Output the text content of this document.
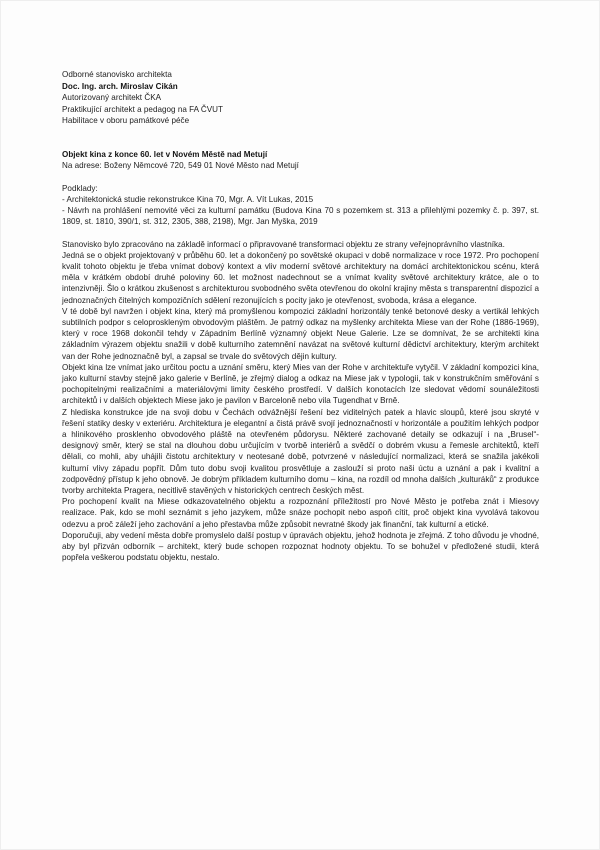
Odborné stanovisko architekta
Doc. Ing. arch. Miroslav Cikán
Autorizovaný architekt ČKA
Praktikující architekt a pedagog na FA ČVUT
Habilitace v oboru památkové péče
Objekt kina z konce 60. let v Novém Městě nad Metují
Na adrese: Boženy Němcové 720, 549 01 Nové Město nad Metují
Podklady:
- Architektonická studie rekonstrukce Kina 70, Mgr. A. Vít Lukas, 2015

- Návrh na prohlášení nemovité věci za kulturní památku (Budova Kina 70 s pozemkem st. 313 a přilehlými pozemky č. p. 397, st. 1809, st. 1810, 390/1, st. 312, 2305, 388, 2198), Mgr. Jan Myška, 2019

Stanovisko bylo zpracováno na základě informací o připravované transformaci objektu ze strany veřejnoprávního vlastníka.

Jedná se o objekt projektovaný v průběhu 60. let a dokončený po sovětské okupaci v době normalizace v roce 1972. Pro pochopení kvalit tohoto objektu je třeba vnímat dobový kontext a vliv moderní světové architektury na domácí architektonickou scénu, která měla v krátkém období druhé poloviny 60. let možnost nadechnout se a vnímat kvality světové architektury krátce, ale o to intenzivněji. Šlo o krátkou zkušenost s architekturou svobodného světa otevřenou do okolní krajiny města s transparentní dispozicí a jednoznačných čitelných kompozičních sdělení rezonujících s pocity jako je otevřenost, svoboda, krása a elegance.

V té době byl navržen i objekt kina, který má promyšlenou kompozici základní horizontály tenké betonové desky a vertikál lehkých subtilních podpor s celoproskleným obvodovým pláštěm. Je patrný odkaz na myšlenky architekta Miese van der Rohe (1886-1969), který v roce 1968 dokončil tehdy v Západním Berlíně významný objekt Neue Galerie. Lze se domnívat, že se architekti kina základním výrazem objektu snažili v době kulturního zatemnění navázat na světové kulturní dědictví architektury, kterým architekt van der Rohe jednoznačně byl, a zapsal se trvale do světových dějin kultury.

Objekt kina lze vnímat jako určitou poctu a uznání směru, který Mies van der Rohe v architektuře vytyčil. V základní kompozici kina, jako kulturní stavby stejně jako galerie v Berlíně, je zřejmý dialog a odkaz na Miese jak v typologii, tak v konstrukčním směřování s pochopitelnými realizačními a materiálovými limity českého prostředí. V dalších konotacích lze sledovat vědomí sounáležitosti architektů i v dalších objektech Miese jako je pavilon v Barceloně nebo vila Tugendhat v Brně.

Z hlediska konstrukce jde na svoji dobu v Čechách odvážnější řešení bez viditelných patek a hlavic sloupů, které jsou skryté v řešení statiky desky v exteriéru. Architektura je elegantní a čistá právě svojí jednoznačností v horizontále a použitím lehkých podpor a hlinikového prosklenho obvodového pláště na otevřeném půdorysu. Některé zachované detaily se odkazují i na „Brusel“- designový směr, který se stal na dlouhou dobu určujícím v tvorbě interiérů a svědčí o dobrém vkusu a řemesle architektů, kteří dělali, co mohli, aby uhájili čistotu architektury v neotesané době, potvrzené v následující normalizaci, která se snažila jakékoli kulturní vlivy západu popřít. Dům tuto dobu svoji kvalitou prosvětluje a zaslouží si proto naši úctu a uznání a pak i kvalitní a zodpovědný přístup k jeho obnově. Je dobrým příkladem kulturního domu – kina, na rozdíl od mnoha dalších „kulturáků“ z produkce tvorby architekta Pragera, necitlivě stavěných v historických centrech českých měst.

Pro pochopení kvalit na Miese odkazovatelného objektu a rozpoznání příležitostí pro Nové Město je potřeba znát i Miesovy realizace. Pak, kdo se mohl seznámit s jeho jazykem, může snáze pochopit nebo aspoň cítit, proč objekt kina vyvolává takovou odezvu a proč záleží jeho zachování a jeho přestavba může způsobit nevratné škody jak finanční, tak kulturní a etické.

Doporučuji, aby vedení města dobře promyslelo další postup v úpravách objektu, jehož hodnota je zřejmá. Z toho důvodu je vhodné, aby byl přizván odborník – architekt, který bude schopen rozpoznat hodnoty objektu. To se bohužel v předložené studii, která popřela veškerou podstatu objektu, nestalo.
